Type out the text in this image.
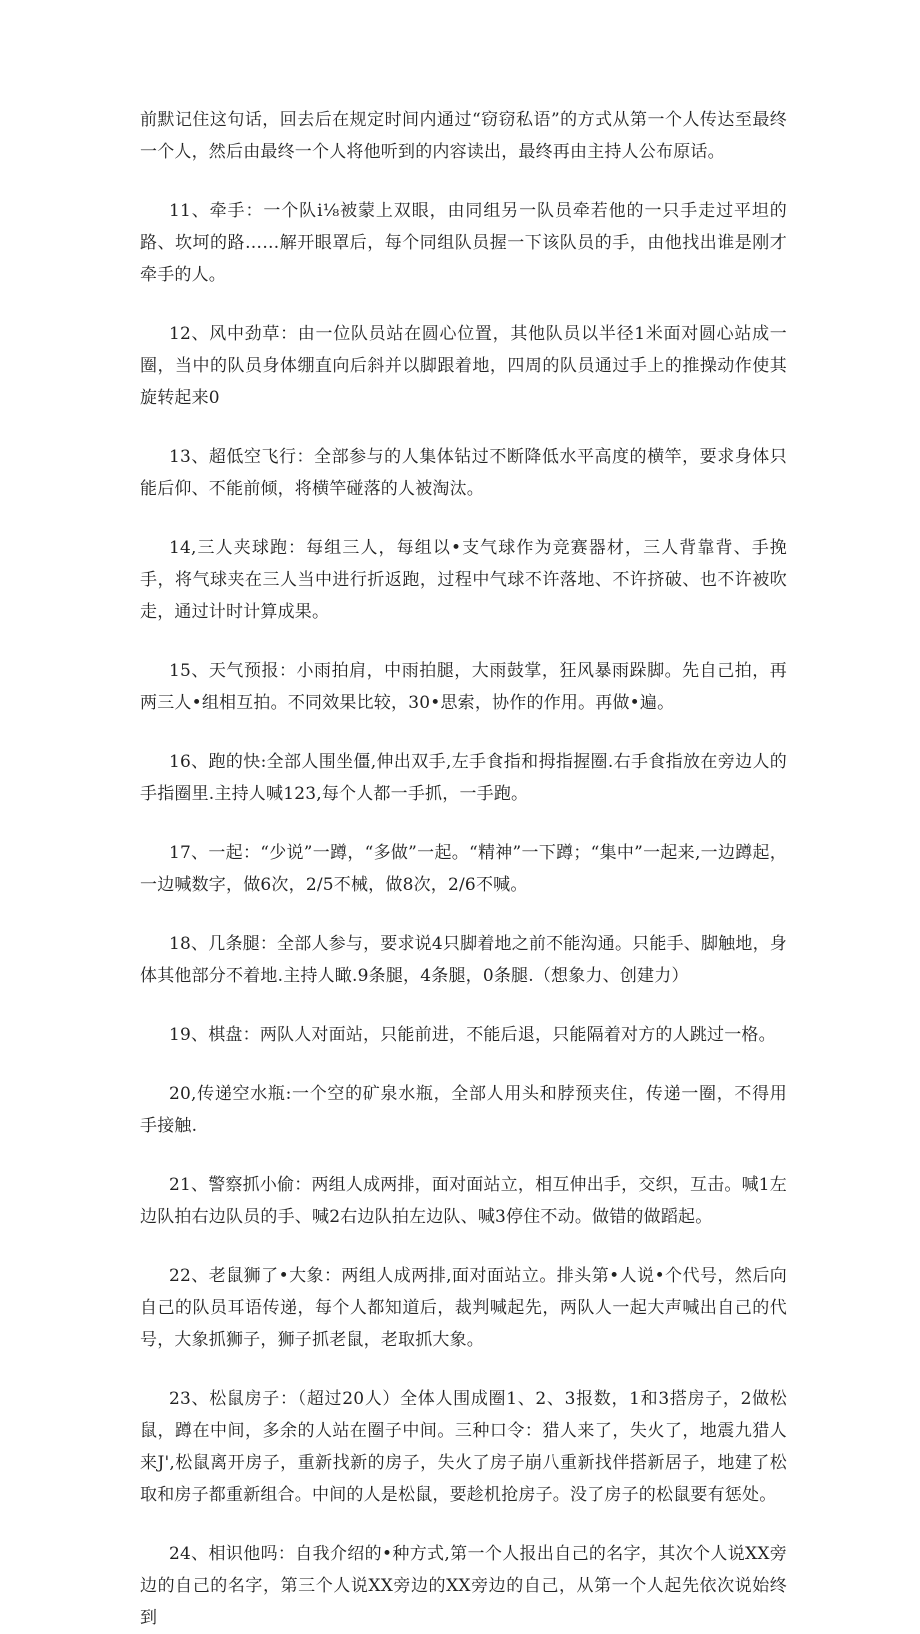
前默记住这句话，回去后在规定时间内通过“窃窃私语”的方式从第一个人传达至最终一个人，然后由最终一个人将他听到的内容读出，最终再由主持人公布原话。

11、牵手：一个队i⅛被蒙上双眼，由同组另一队员牵若他的一只手走过平坦的路、坎坷的路……解开眼罩后，每个同组队员握一下该队员的手，由他找出谁是刚才牵手的人。

12、风中劲草：由一位队员站在圆心位置，其他队员以半径1米面对圆心站成一圈，当中的队员身体绷直向后斜并以脚跟着地，四周的队员通过手上的推操动作使其旋转起来0

13、超低空飞行：全部参与的人集体钻过不断降低水平高度的横竿，要求身体只能后仰、不能前倾，将横竿碰落的人被淘汰。

14,三人夹球跑：每组三人，每组以•支气球作为竞赛器材，三人背靠背、手挽手，将气球夹在三人当中进行折返跑，过程中气球不许落地、不许挤破、也不许被吹走，通过计时计算成果。

15、天气预报：小雨拍肩，中雨拍腿，大雨鼓掌，狂风暴雨跺脚。先自己拍，再两三人•组相互拍。不同效果比较，30•思索，协作的作用。再做•遍。

16、跑的快:全部人围坐僵,伸出双手,左手食指和拇指握圈.右手食指放在旁边人的手指圈里.主持人喊123,每个人都一手抓，一手跑。

17、一起：“少说”一蹲，“多做”一起。“精神”一下蹲；“集中”一起来,一边蹲起，一边喊数字，做6次，2/5不械，做8次，2/6不喊。

18、几条腿：全部人参与，要求说4只脚着地之前不能沟通。只能手、脚触地，身体其他部分不着地.主持人瞰.9条腿，4条腿，0条腿.（想象力、创建力）

19、棋盘：两队人对面站，只能前进，不能后退，只能隔着对方的人跳过一格。

20,传递空水瓶:一个空的矿泉水瓶，全部人用头和脖预夹住，传递一圈，不得用手接触.

21、警察抓小偷：两组人成两排，面对面站立，相互伸出手，交织，互击。喊1左边队拍右边队员的手、喊2右边队拍左边队、喊3停住不动。做错的做蹈起。

22、老鼠狮了•大象：两组人成两排,面对面站立。排头第•人说•个代号，然后向自己的队员耳语传递，每个人都知道后，裁判喊起先，两队人一起大声喊出自己的代号，大象抓狮子，狮子抓老鼠，老取抓大象。

23、松鼠房子：（超过20人）全体人围成圈1、2、3报数，1和3搭房子，2做松鼠，蹲在中间，多余的人站在圈子中间。三种口令：猎人来了，失火了，地震九猎人来J',松鼠离开房子，重新找新的房子，失火了房子崩八重新找伴搭新居子，地建了松取和房子都重新组合。中间的人是松鼠，要趁机抢房子。没了房子的松鼠要有惩处。

24、相识他吗：自我介绍的•种方式,第一个人报出自己的名字，其次个人说XX旁边的自己的名字，第三个人说XX旁边的XX旁边的自己，从第一个人起先依次说始终到
